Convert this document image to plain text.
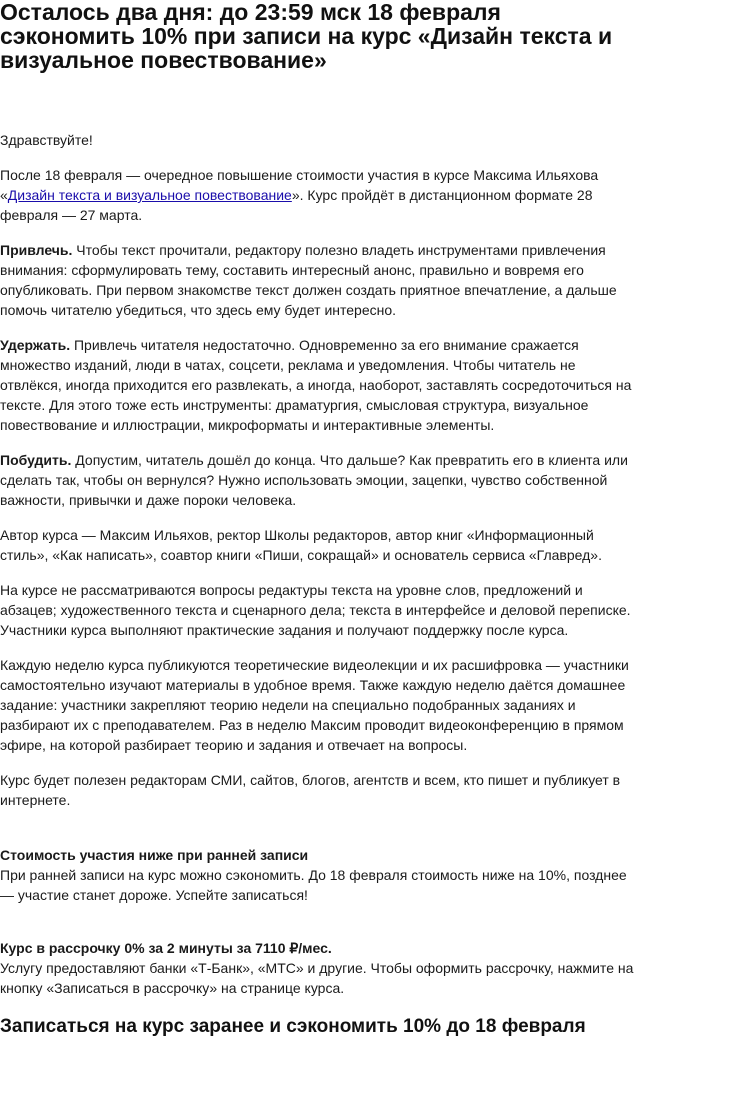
Осталось два дня: до 23:59 мск 18 февраля сэкономить 10% при записи на курс «Дизайн текста и визуальное повествование»

Здравствуйте!

После 18 февраля — очередное повышение стоимости участия в курсе Максима Ильяхова «Дизайн текста и визуальное повествование». Курс пройдёт в дистанционном формате 28 февраля — 27 марта.

Привлечь. Чтобы текст прочитали, редактору полезно владеть инструментами привлечения внимания: сформулировать тему, составить интересный анонс, правильно и вовремя его опубликовать. При первом знакомстве текст должен создать приятное впечатление, а дальше помочь читателю убедиться, что здесь ему будет интересно.

Удержать. Привлечь читателя недостаточно. Одновременно за его внимание сражается множество изданий, люди в чатах, соцсети, реклама и уведомления. Чтобы читатель не отвлёкся, иногда приходится его развлекать, а иногда, наоборот, заставлять сосредоточиться на тексте. Для этого тоже есть инструменты: драматургия, смысловая структура, визуальное повествование и иллюстрации, микроформаты и интерактивные элементы.

Побудить. Допустим, читатель дошёл до конца. Что дальше? Как превратить его в клиента или сделать так, чтобы он вернулся? Нужно использовать эмоции, зацепки, чувство собственной важности, привычки и даже пороки человека.

Автор курса — Максим Ильяхов, ректор Школы редакторов, автор книг «Информационный стиль», «Как написать», соавтор книги «Пиши, сокращай» и основатель сервиса «Главред».

На курсе не рассматриваются вопросы редактуры текста на уровне слов, предложений и абзацев; художественного текста и сценарного дела; текста в интерфейсе и деловой переписке. Участники курса выполняют практические задания и получают поддержку после курса.

Каждую неделю курса публикуются теоретические видеолекции и их расшифровка — участники самостоятельно изучают материалы в удобное время. Также каждую неделю даётся домашнее задание: участники закрепляют теорию недели на специально подобранных заданиях и разбирают их с преподавателем. Раз в неделю Максим проводит видеоконференцию в прямом эфире, на которой разбирает теорию и задания и отвечает на вопросы.

Курс будет полезен редакторам СМИ, сайтов, блогов, агентств и всем, кто пишет и публикует в интернете.

Стоимость участия ниже при ранней записи

При ранней записи на курс можно сэкономить. До 18 февраля стоимость ниже на 10%, позднее — участие станет дороже. Успейте записаться!

Курс в рассрочку 0% за 2 минуты за 7110 ₽/мес.

Услугу предоставляют банки «Т-Банк», «МТС» и другие. Чтобы оформить рассрочку, нажмите на кнопку «Записаться в рассрочку» на странице курса.

Записаться на курс заранее и сэкономить 10% до 18 февраля
